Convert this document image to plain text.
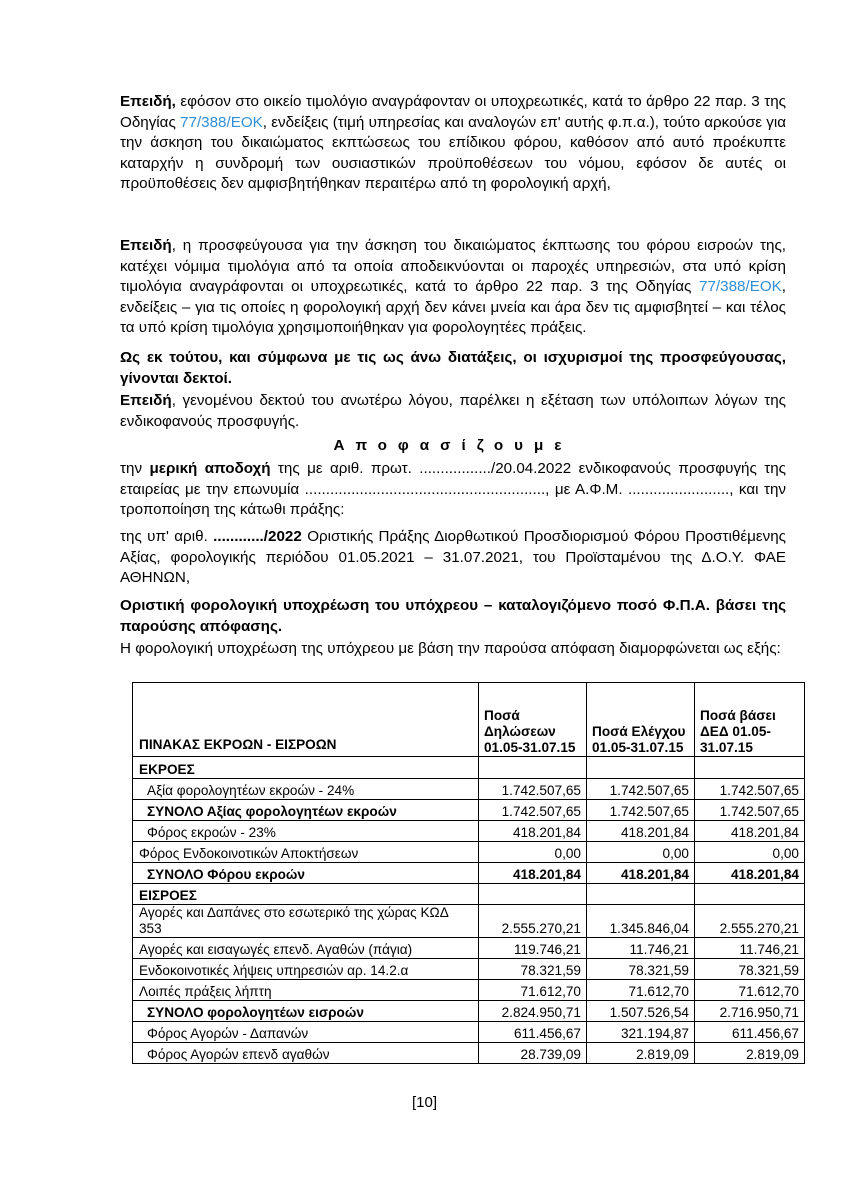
Επειδή, εφόσον στο οικείο τιμολόγιο αναγράφονταν οι υποχρεωτικές, κατά το άρθρο 22 παρ. 3 της Οδηγίας 77/388/ΕΟΚ, ενδείξεις (τιμή υπηρεσίας και αναλογών επ' αυτής φ.π.α.), τούτο αρκούσε για την άσκηση του δικαιώματος εκπτώσεως του επίδικου φόρου, καθόσον από αυτό προέκυπτε καταρχήν η συνδρομή των ουσιαστικών προϋποθέσεων του νόμου, εφόσον δε αυτές οι προϋποθέσεις δεν αμφισβητήθηκαν περαιτέρω από τη φορολογική αρχή,

Επειδή, η προσφεύγουσα για την άσκηση του δικαιώματος έκπτωσης του φόρου εισροών της, κατέχει νόμιμα τιμολόγια από τα οποία αποδεικνύονται οι παροχές υπηρεσιών, στα υπό κρίση τιμολόγια αναγράφονται οι υποχρεωτικές, κατά το άρθρο 22 παρ. 3 της Οδηγίας 77/388/ΕΟΚ, ενδείξεις – για τις οποίες η φορολογική αρχή δεν κάνει μνεία και άρα δεν τις αμφισβητεί – και τέλος τα υπό κρίση τιμολόγια χρησιμοποιήθηκαν για φορολογητέες πράξεις.

Ως εκ τούτου, και σύμφωνα με τις ως άνω διατάξεις, οι ισχυρισμοί της προσφεύγουσας, γίνονται δεκτοί.

Επειδή, γενομένου δεκτού του ανωτέρω λόγου, παρέλκει η εξέταση των υπόλοιπων λόγων της ενδικοφανούς προσφυγής.

Αποφασίζουμε

την μερική αποδοχή της με αριθ. πρωτ. ................./20.04.2022 ενδικοφανούς προσφυγής της εταιρείας με την επωνυμία ........................................................., με Α.Φ.Μ. ........................, και την τροποποίηση της κάτωθι πράξης:

της υπ' αριθ. ............/2022 Οριστικής Πράξης Διορθωτικού Προσδιορισμού Φόρου Προστιθέμενης Αξίας, φορολογικής περιόδου 01.05.2021 – 31.07.2021, του Προϊσταμένου της Δ.Ο.Υ. ΦΑΕ ΑΘΗΝΩΝ,

Οριστική φορολογική υποχρέωση του υπόχρεου – καταλογιζόμενο ποσό Φ.Π.Α. βάσει της παρούσης απόφασης.

Η φορολογική υποχρέωση της υπόχρεου με βάση την παρούσα απόφαση διαμορφώνεται ως εξής:

ΠΙΝΑΚΑΣ ΕΚΡΟΩΝ - ΕΙΣΡΟΩΝ	Ποσά Δηλώσεων 01.05-31.07.15	Ποσά Ελέγχου 01.05-31.07.15	Ποσά βάσει ΔΕΔ 01.05-31.07.15
ΕΚΡΟΕΣ			
Αξία φορολογητέων εκροών - 24%	1.742.507,65	1.742.507,65	1.742.507,65
ΣΥΝΟΛΟ Αξίας φορολογητέων εκροών	1.742.507,65	1.742.507,65	1.742.507,65
Φόρος εκροών - 23%	418.201,84	418.201,84	418.201,84
Φόρος Ενδοκοινοτικών Αποκτήσεων	0,00	0,00	0,00
ΣΥΝΟΛΟ Φόρου εκροών	418.201,84	418.201,84	418.201,84
ΕΙΣΡΟΕΣ			
Αγορές και Δαπάνες στο εσωτερικό της χώρας ΚΩΔ 353	2.555.270,21	1.345.846,04	2.555.270,21
Αγορές και εισαγωγές επενδ. Αγαθών (πάγια)	119.746,21	11.746,21	11.746,21
Ενδοκοινοτικές λήψεις υπηρεσιών αρ. 14.2.α	78.321,59	78.321,59	78.321,59
Λοιπές πράξεις λήπτη	71.612,70	71.612,70	71.612,70
ΣΥΝΟΛΟ φορολογητέων εισροών	2.824.950,71	1.507.526,54	2.716.950,71
Φόρος Αγορών - Δαπανών	611.456,67	321.194,87	611.456,67
Φόρος Αγορών επενδ αγαθών	28.739,09	2.819,09	2.819,09
[10]
